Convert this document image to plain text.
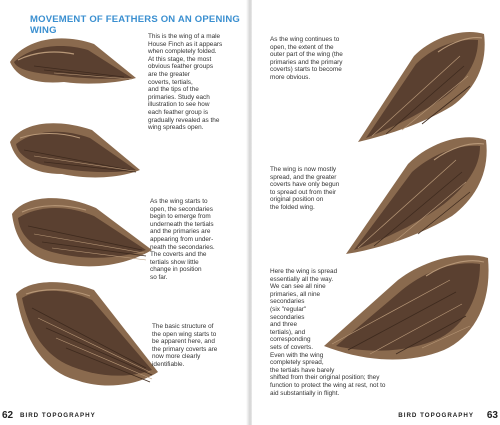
MOVEMENT OF FEATHERS ON AN OPENING WING

This is the wing of a male
House Finch as it appears
when completely folded.
At this stage, the most
obvious feather groups
are the greater
coverts, tertials,
and the tips of the
primaries. Study each
illustration to see how
each feather group is
gradually revealed as the
wing spreads open.

As the wing starts to
open, the secondaries
begin to emerge from
underneath the tertials
and the primaries are
appearing from under-
neath the secondaries.
The coverts and the
tertials show little
change in position
so far.

The basic structure of
the open wing starts to
be apparent here, and
the primary coverts are
now more clearly
identifiable.

62 BIRD TOPOGRAPHY

As the wing continues to
open, the extent of the
outer part of the wing (the
primaries and the primary
coverts) starts to become
more obvious.

The wing is now mostly
spread, and the greater
coverts have only begun
to spread out from their
original position on
the folded wing.

Here the wing is spread
essentially all the way.
We can see all nine
primaries, all nine
secondaries
(six "regular"
secondaries
and three
tertials), and
corresponding
sets of coverts.
Even with the wing
completely spread,
the tertials have barely
shifted from their original position; they
function to protect the wing at rest, not to
aid substantially in flight.

BIRD TOPOGRAPHY 63
